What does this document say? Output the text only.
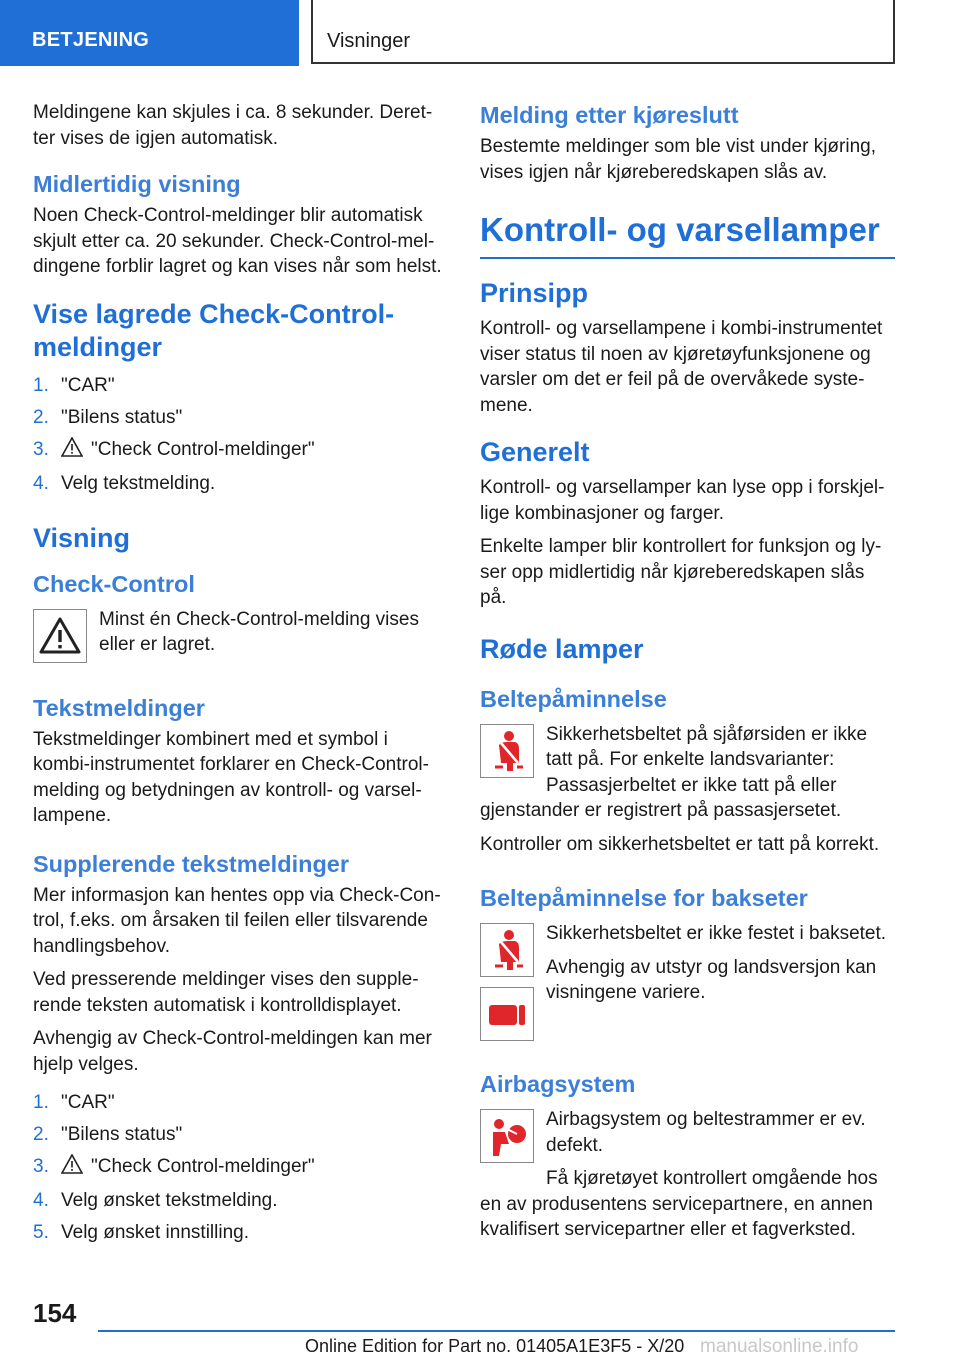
BETJENING	Visninger

Meldingene kan skjules i ca. 8 sekunder. Deretter vises de igjen automatisk.

Midlertidig visning

Noen Check-Control-meldinger blir automatisk skjult etter ca. 20 sekunder. Check-Control-meldingene forblir lagret og kan vises når som helst.

Vise lagrede Check-Control-meldinger
1. "CAR"
2. "Bilens status"
3.	"Check Control-meldinger"
4. Velg tekstmelding.
Visning
Check-Control

Minst én Check-Control-melding vises eller er lagret.

Tekstmeldinger

Tekstmeldinger kombinert med et symbol i kombi-instrumentet forklarer en Check-Control-melding og betydningen av kontroll- og varsellampene.

Supplerende tekstmeldinger

Mer informasjon kan hentes opp via Check-Control, f.eks. om årsaken til feilen eller tilsvarende handlingsbehov.

Ved presserende meldinger vises den supplerende teksten automatisk i kontrolldisplayet.

Avhengig av Check-Control-meldingen kan mer hjelp velges.

1. "CAR"
2. "Bilens status"
3.	"Check Control-meldinger"
4. Velg ønsket tekstmelding.
5. Velg ønsket innstilling.
Melding etter kjøreslutt

Bestemte meldinger som ble vist under kjøring, vises igjen når kjøreberedskapen slås av.

Kontroll- og varsellamper
Prinsipp

Kontroll- og varsellampene i kombi-instrumentet viser status til noen av kjøretøyfunksjonene og varsler om det er feil på de overvåkede systemene.

Generelt

Kontroll- og varsellamper kan lyse opp i forskjellige kombinasjoner og farger.

Enkelte lamper blir kontrollert for funksjon og lyser opp midlertidig når kjøreberedskapen slås på.

Røde lamper
Beltepåminnelse

Sikkerhetsbeltet på sjåførsiden er ikke tatt på. For enkelte landsvarianter: Passasjerbeltet er ikke tatt på eller gjenstander er registrert på passasjersetet.

Kontroller om sikkerhetsbeltet er tatt på korrekt.

Beltepåminnelse for bakseter

Sikkerhetsbeltet er ikke festet i baksetet.

Avhengig av utstyr og landsversjon kan visningene variere.

Airbagsystem

Airbagsystem og beltestrammer er ev. defekt.

Få kjøretøyet kontrollert omgående hos en av produsentens servicepartnere, en annen kvalifisert servicepartner eller et fagverksted.

154
Online Edition for Part no. 01405A1E3F5 - X/20 manualsonline.info
